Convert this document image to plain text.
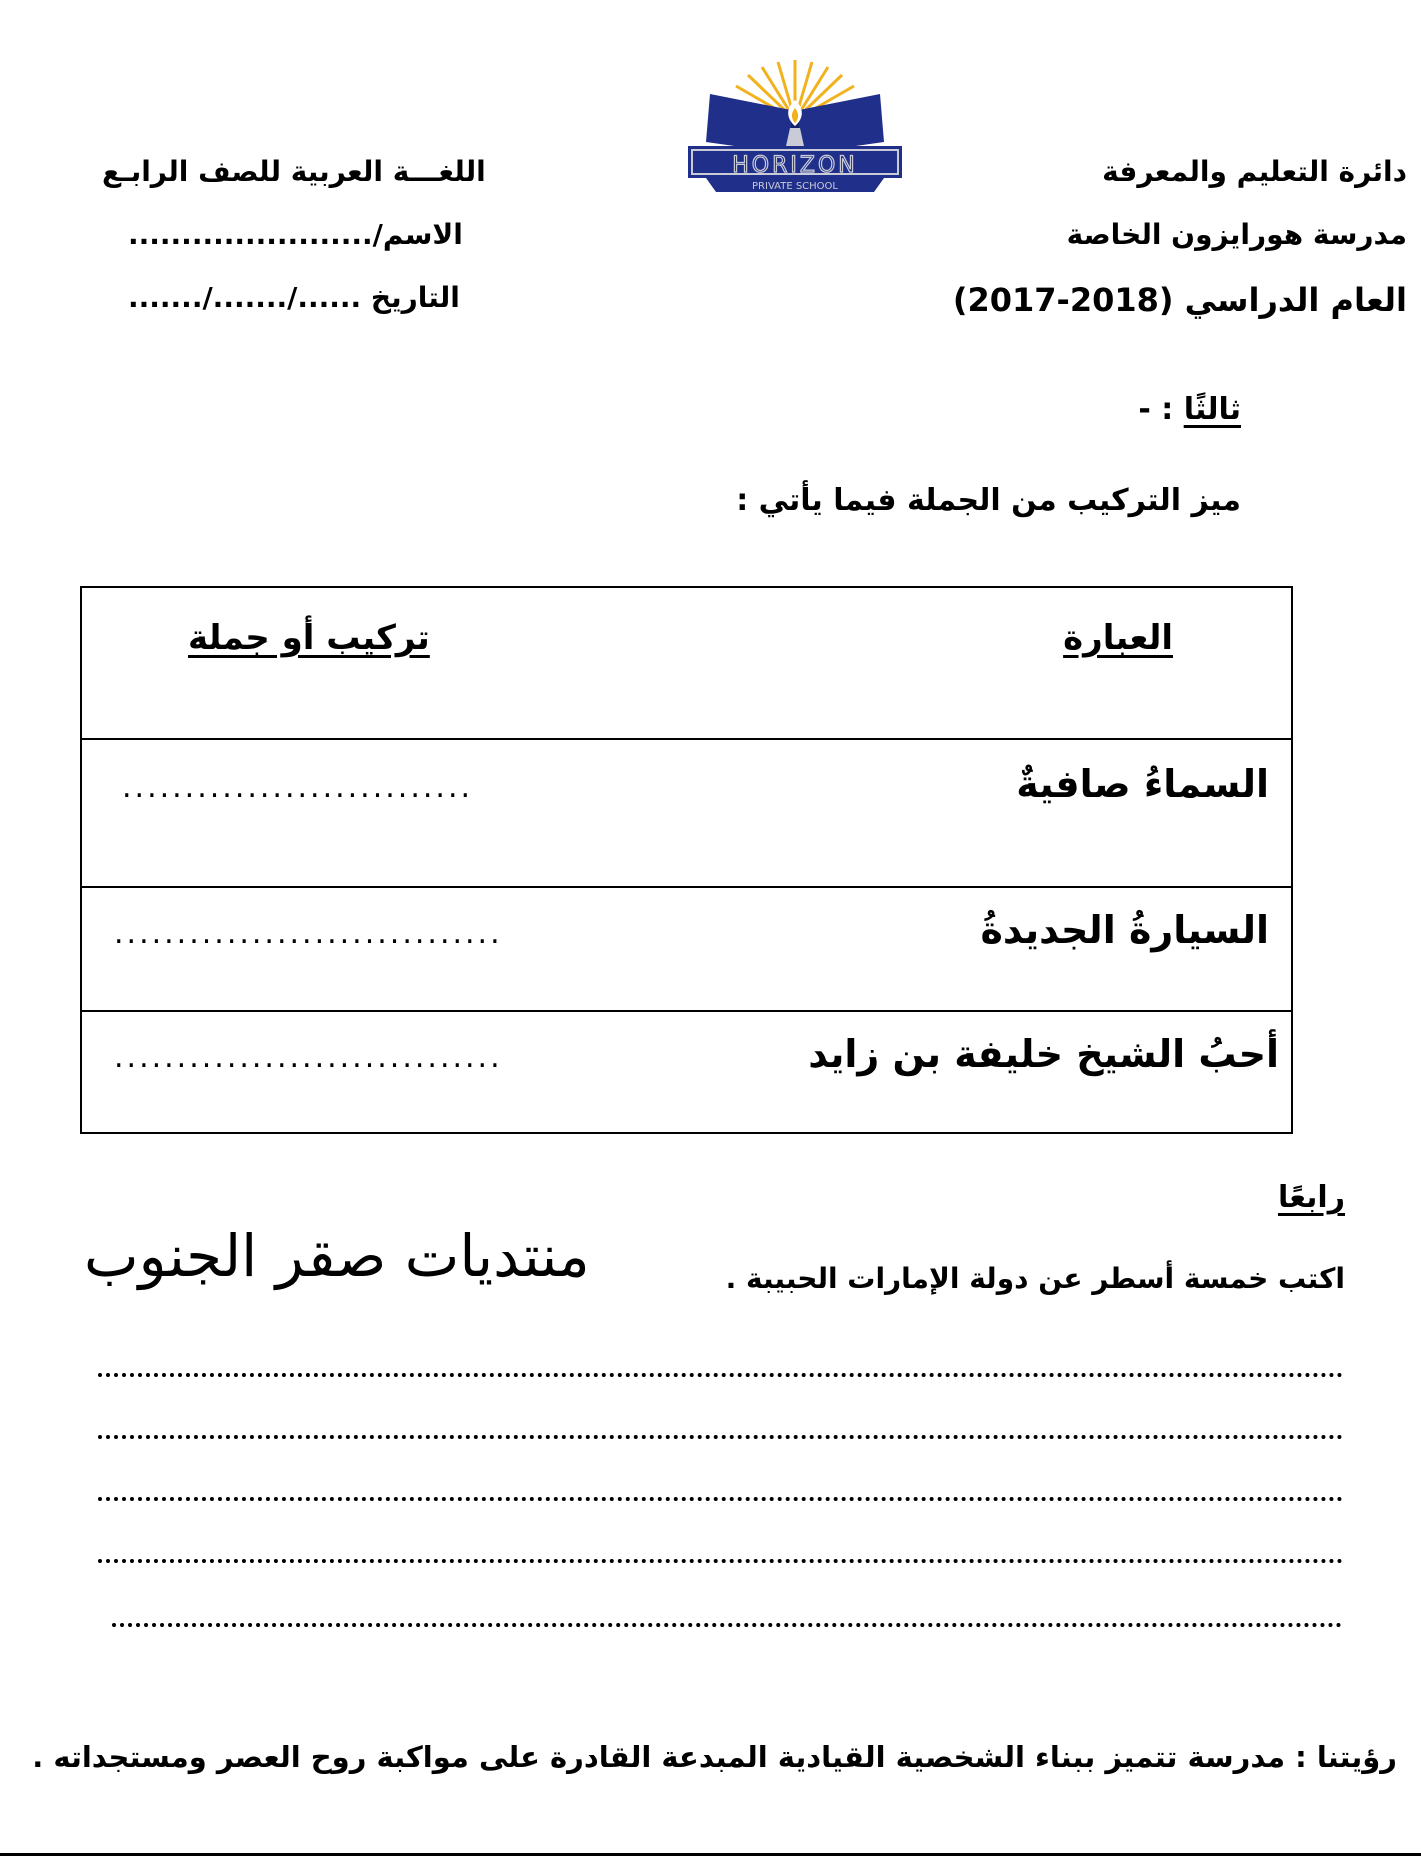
دائرة التعليم والمعرفة
مدرسة هورايزون الخاصة
العام الدراسي (2018-2017)
HORIZON
PRIVATE SCHOOL
اللغـــة العربية للصف الرابـع
الاسم/.......................
التاريخ ....../......./.......
ثالثًا : -
ميز التركيب من الجملة فيما يأتي :
العبارة
تركيب أو جملة
السماءُ صافيةٌ
............................
السيارةُ الجديدةُ
...............................
أحبُ الشيخ خليفة بن زايد
...............................
رابعًا
منتديات صقر الجنوب	اكتب خمسة أسطر عن دولة الإمارات الحبيبة .
رؤيتنا : مدرسة تتميز ببناء الشخصية القيادية المبدعة القادرة على مواكبة روح العصر ومستجداته .
